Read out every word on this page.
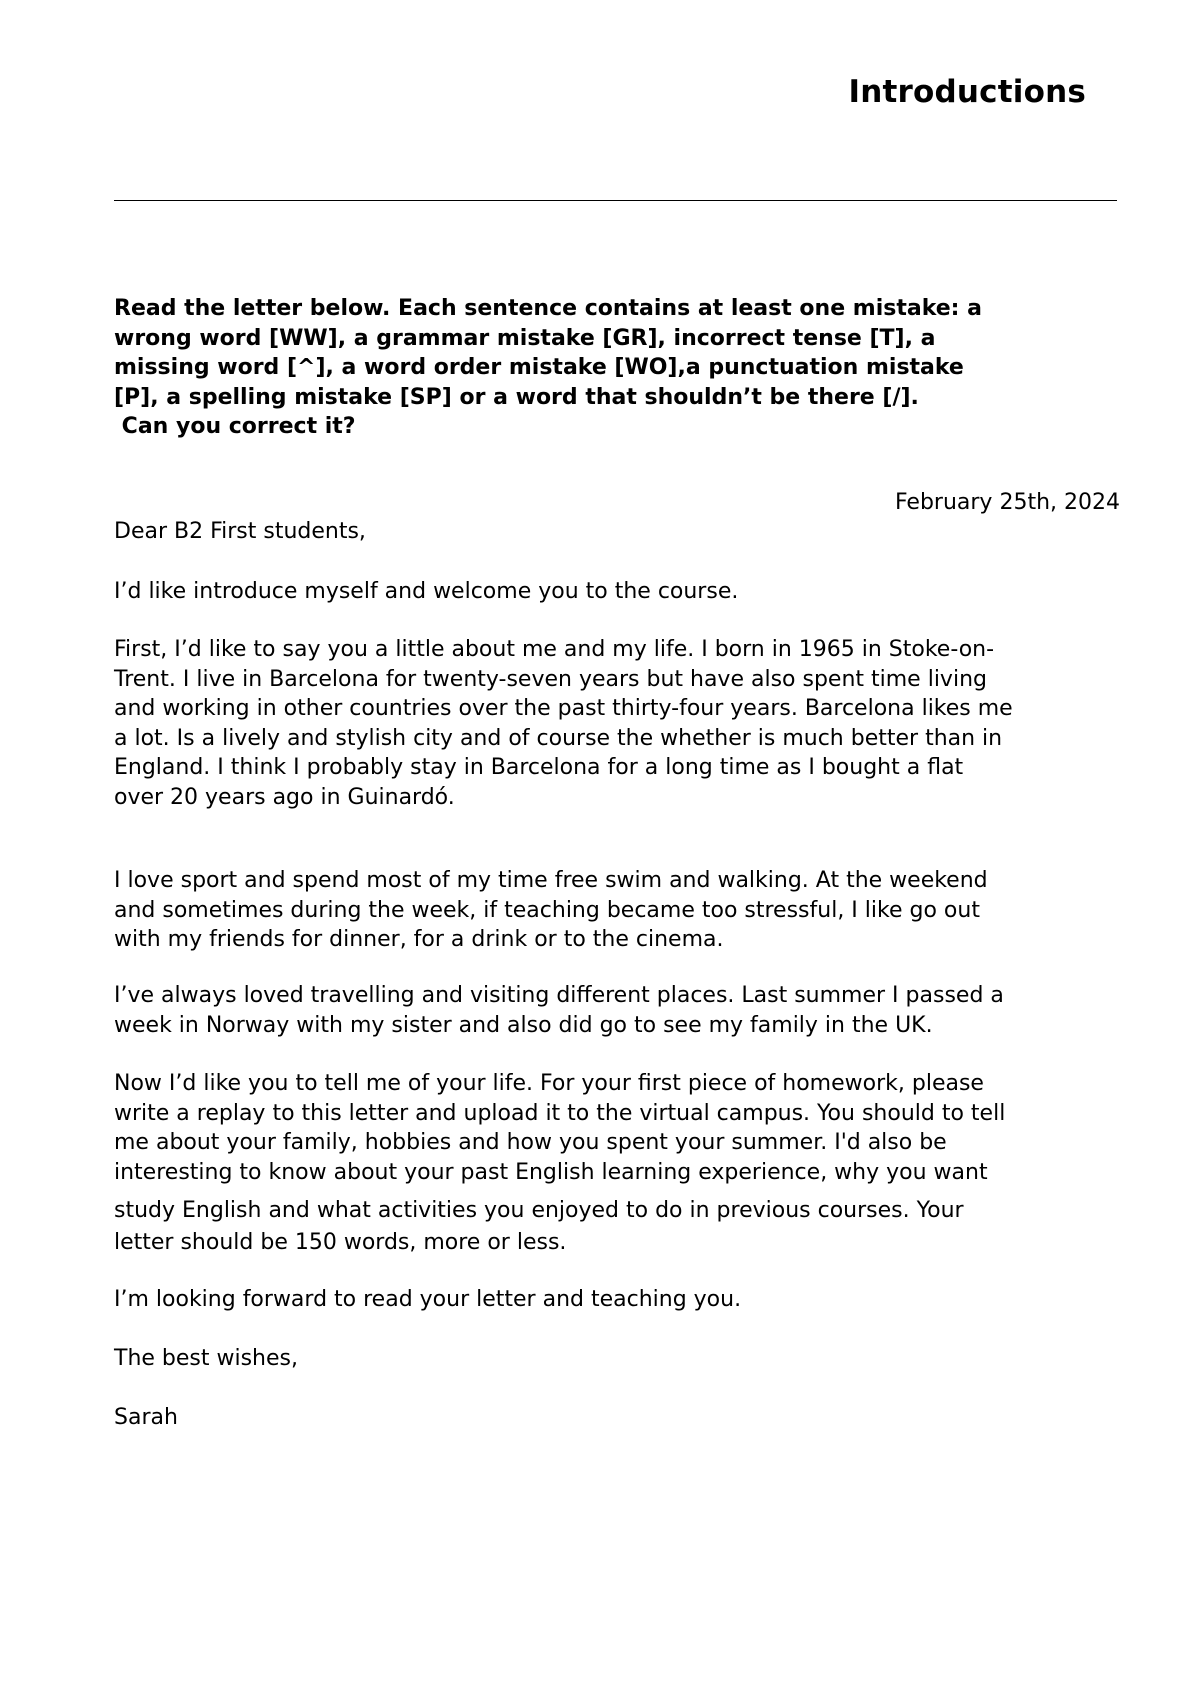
Introductions
Read the letter below. Each sentence contains at least one mistake: a
wrong word [WW], a grammar mistake [GR], incorrect tense [T], a
missing word [^], a word order mistake [WO],a punctuation mistake
[P], a spelling mistake [SP] or a word that shouldn’t be there [/].
Can you correct it?
February 25th, 2024
Dear B2 First students,
I’d like introduce myself and welcome you to the course.
First, I’d like to say you a little about me and my life. I born in 1965 in Stoke-on-
Trent. I live in Barcelona for twenty-seven years but have also spent time living
and working in other countries over the past thirty-four years. Barcelona likes me
a lot. Is a lively and stylish city and of course the whether is much better than in
England. I think I probably stay in Barcelona for a long time as I bought a flat
over 20 years ago in Guinardó.
I love sport and spend most of my time free swim and walking. At the weekend
and sometimes during the week, if teaching became too stressful, I like go out
with my friends for dinner, for a drink or to the cinema.
I’ve always loved travelling and visiting different places. Last summer I passed a
week in Norway with my sister and also did go to see my family in the UK.
Now I’d like you to tell me of your life. For your first piece of homework, please
write a replay to this letter and upload it to the virtual campus. You should to tell
me about your family, hobbies and how you spent your summer. I'd also be
interesting to know about your past English learning experience, why you want
study English and what activities you enjoyed to do in previous courses. Your
letter should be 150 words, more or less.
I’m looking forward to read your letter and teaching you.
The best wishes,
Sarah
